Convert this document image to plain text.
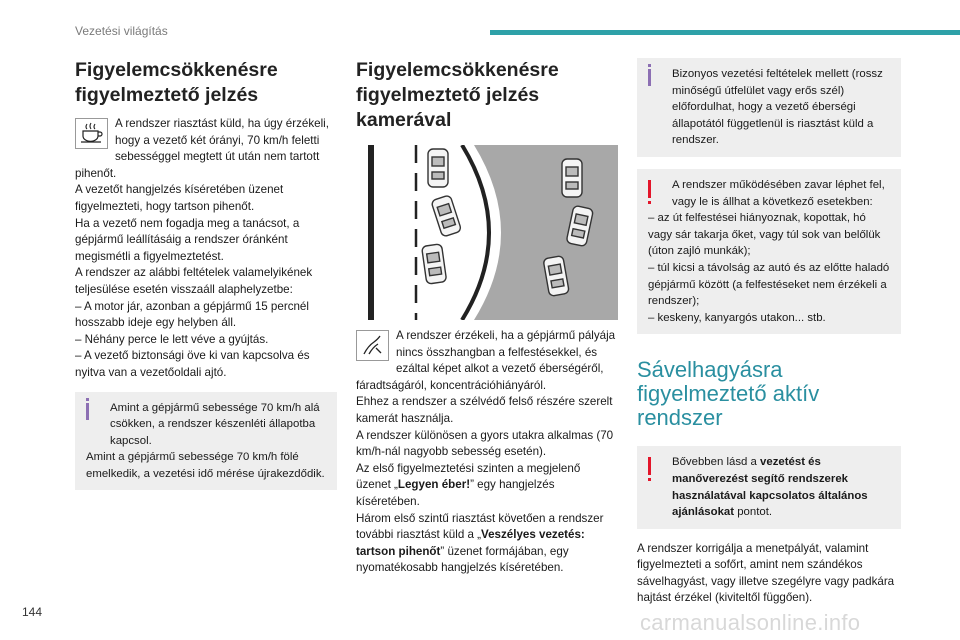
Vezetési világítás
Figyelemcsökkenésre figyelmeztető jelzés

A rendszer riasztást küld, ha úgy érzékeli, hogy a vezető két órányi, 70 km/h feletti sebességgel megtett út után nem tartott pihenőt.

A vezetőt hangjelzés kíséretében üzenet figyelmezteti, hogy tartson pihenőt.

Ha a vezető nem fogadja meg a tanácsot, a gépjármű leállításáig a rendszer óránként megismétli a figyelmeztetést.

A rendszer az alábbi feltételek valamelyikének teljesülése esetén visszaáll alaphelyzetbe:

– A motor jár, azonban a gépjármű 15 percnél hosszabb ideje egy helyben áll.

– Néhány perce le lett véve a gyújtás.

– A vezető biztonsági öve ki van kapcsolva és nyitva van a vezetőoldali ajtó.

Amint a gépjármű sebessége 70 km/h alá csökken, a rendszer készenléti állapotba kapcsol.

Amint a gépjármű sebessége 70 km/h fölé emelkedik, a vezetési idő mérése újrakezdődik.

Figyelemcsökkenésre figyelmeztető jelzés kamerával

A rendszer érzékeli, ha a gépjármű pályája nincs összhangban a felfestésekkel, és ezáltal képet alkot a vezető éberségéről, fáradtságáról, koncentrációhiányáról.

Ehhez a rendszer a szélvédő felső részére szerelt kamerát használja.

A rendszer különösen a gyors utakra alkalmas (70 km/h-nál nagyobb sebesség esetén).

Az első figyelmeztetési szinten a megjelenő üzenet „Legyen éber!” egy hangjelzés kíséretében.

Három első szintű riasztást követően a rendszer további riasztást küld a „Veszélyes vezetés: tartson pihenőt” üzenet formájában, egy nyomatékosabb hangjelzés kíséretében.

Bizonyos vezetési feltételek mellett (rossz minőségű útfelület vagy erős szél) előfordulhat, hogy a vezető éberségi állapotától függetlenül is riasztást küld a rendszer.

A rendszer működésében zavar léphet fel, vagy le is állhat a következő esetekben:

– az út felfestései hiányoznak, kopottak, hó vagy sár takarja őket, vagy túl sok van belőlük (úton zajló munkák);

– túl kicsi a távolság az autó és az előtte haladó gépjármű között (a felfestéseket nem érzékeli a rendszer);

– keskeny, kanyargós utakon... stb.

Sávelhagyásra figyelmeztető aktív rendszer

Bővebben lásd a vezetést és manőverezést segítő rendszerek használatával kapcsolatos általános ajánlásokat pontot.

A rendszer korrigálja a menetpályát, valamint figyelmezteti a sofőrt, amint nem szándékos sávelhagyást, vagy illetve szegélyre vagy padkára hajtást érzékel (kiviteltől függően).

144	carmanualsonline.info
